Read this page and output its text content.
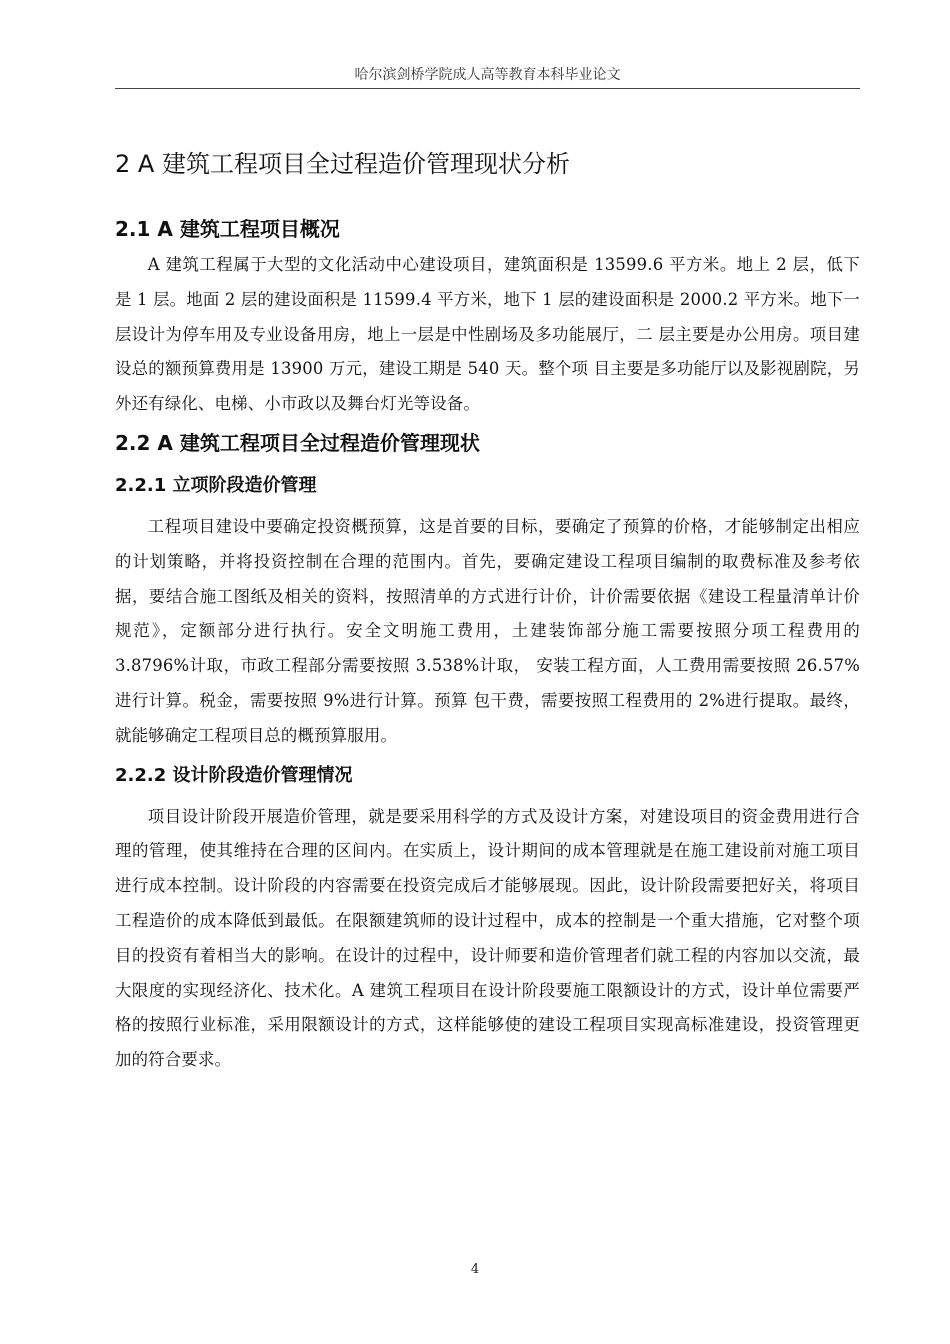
哈尔滨剑桥学院成人高等教育本科毕业论文
2 A 建筑工程项目全过程造价管理现状分析
2.1 A 建筑工程项目概况

A 建筑工程属于大型的文化活动中心建设项目，建筑面积是 13599.6 平方米。地上 2 层，低下是 1 层。地面 2 层的建设面积是 11599.4 平方米，地下 1 层的建设面积是 2000.2 平方米。地下一层设计为停车用及专业设备用房，地上一层是中性剧场及多功能展厅，二 层主要是办公用房。项目建设总的额预算费用是 13900 万元，建设工期是 540 天。整个项 目主要是多功能厅以及影视剧院，另外还有绿化、电梯、小市政以及舞台灯光等设备。

2.2 A 建筑工程项目全过程造价管理现状
2.2.1 立项阶段造价管理

工程项目建设中要确定投资概预算，这是首要的目标，要确定了预算的价格，才能够制定出相应的计划策略，并将投资控制在合理的范围内。首先，要确定建设工程项目编制的取费标准及参考依据，要结合施工图纸及相关的资料，按照清单的方式进行计价，计价需要依据《建设工程量清单计价规范》，定额部分进行执行。安全文明施工费用，土建装饰部分施工需要按照分项工程费用的 3.8796%计取，市政工程部分需要按照 3.538%计取， 安装工程方面，人工费用需要按照 26.57%进行计算。税金，需要按照 9%进行计算。预算 包干费，需要按照工程费用的 2%进行提取。最终，就能够确定工程项目总的概预算服用。

2.2.2 设计阶段造价管理情况

项目设计阶段开展造价管理，就是要采用科学的方式及设计方案，对建设项目的资金费用进行合理的管理，使其维持在合理的区间内。在实质上，设计期间的成本管理就是在施工建设前对施工项目进行成本控制。设计阶段的内容需要在投资完成后才能够展现。因此，设计阶段需要把好关，将项目工程造价的成本降低到最低。在限额建筑师的设计过程中，成本的控制是一个重大措施，它对整个项目的投资有着相当大的影响。在设计的过程中，设计师要和造价管理者们就工程的内容加以交流，最大限度的实现经济化、技术化。A 建筑工程项目在设计阶段要施工限额设计的方式，设计单位需要严格的按照行业标准，采用限额设计的方式，这样能够使的建设工程项目实现高标准建设，投资管理更加的符合要求。

4
